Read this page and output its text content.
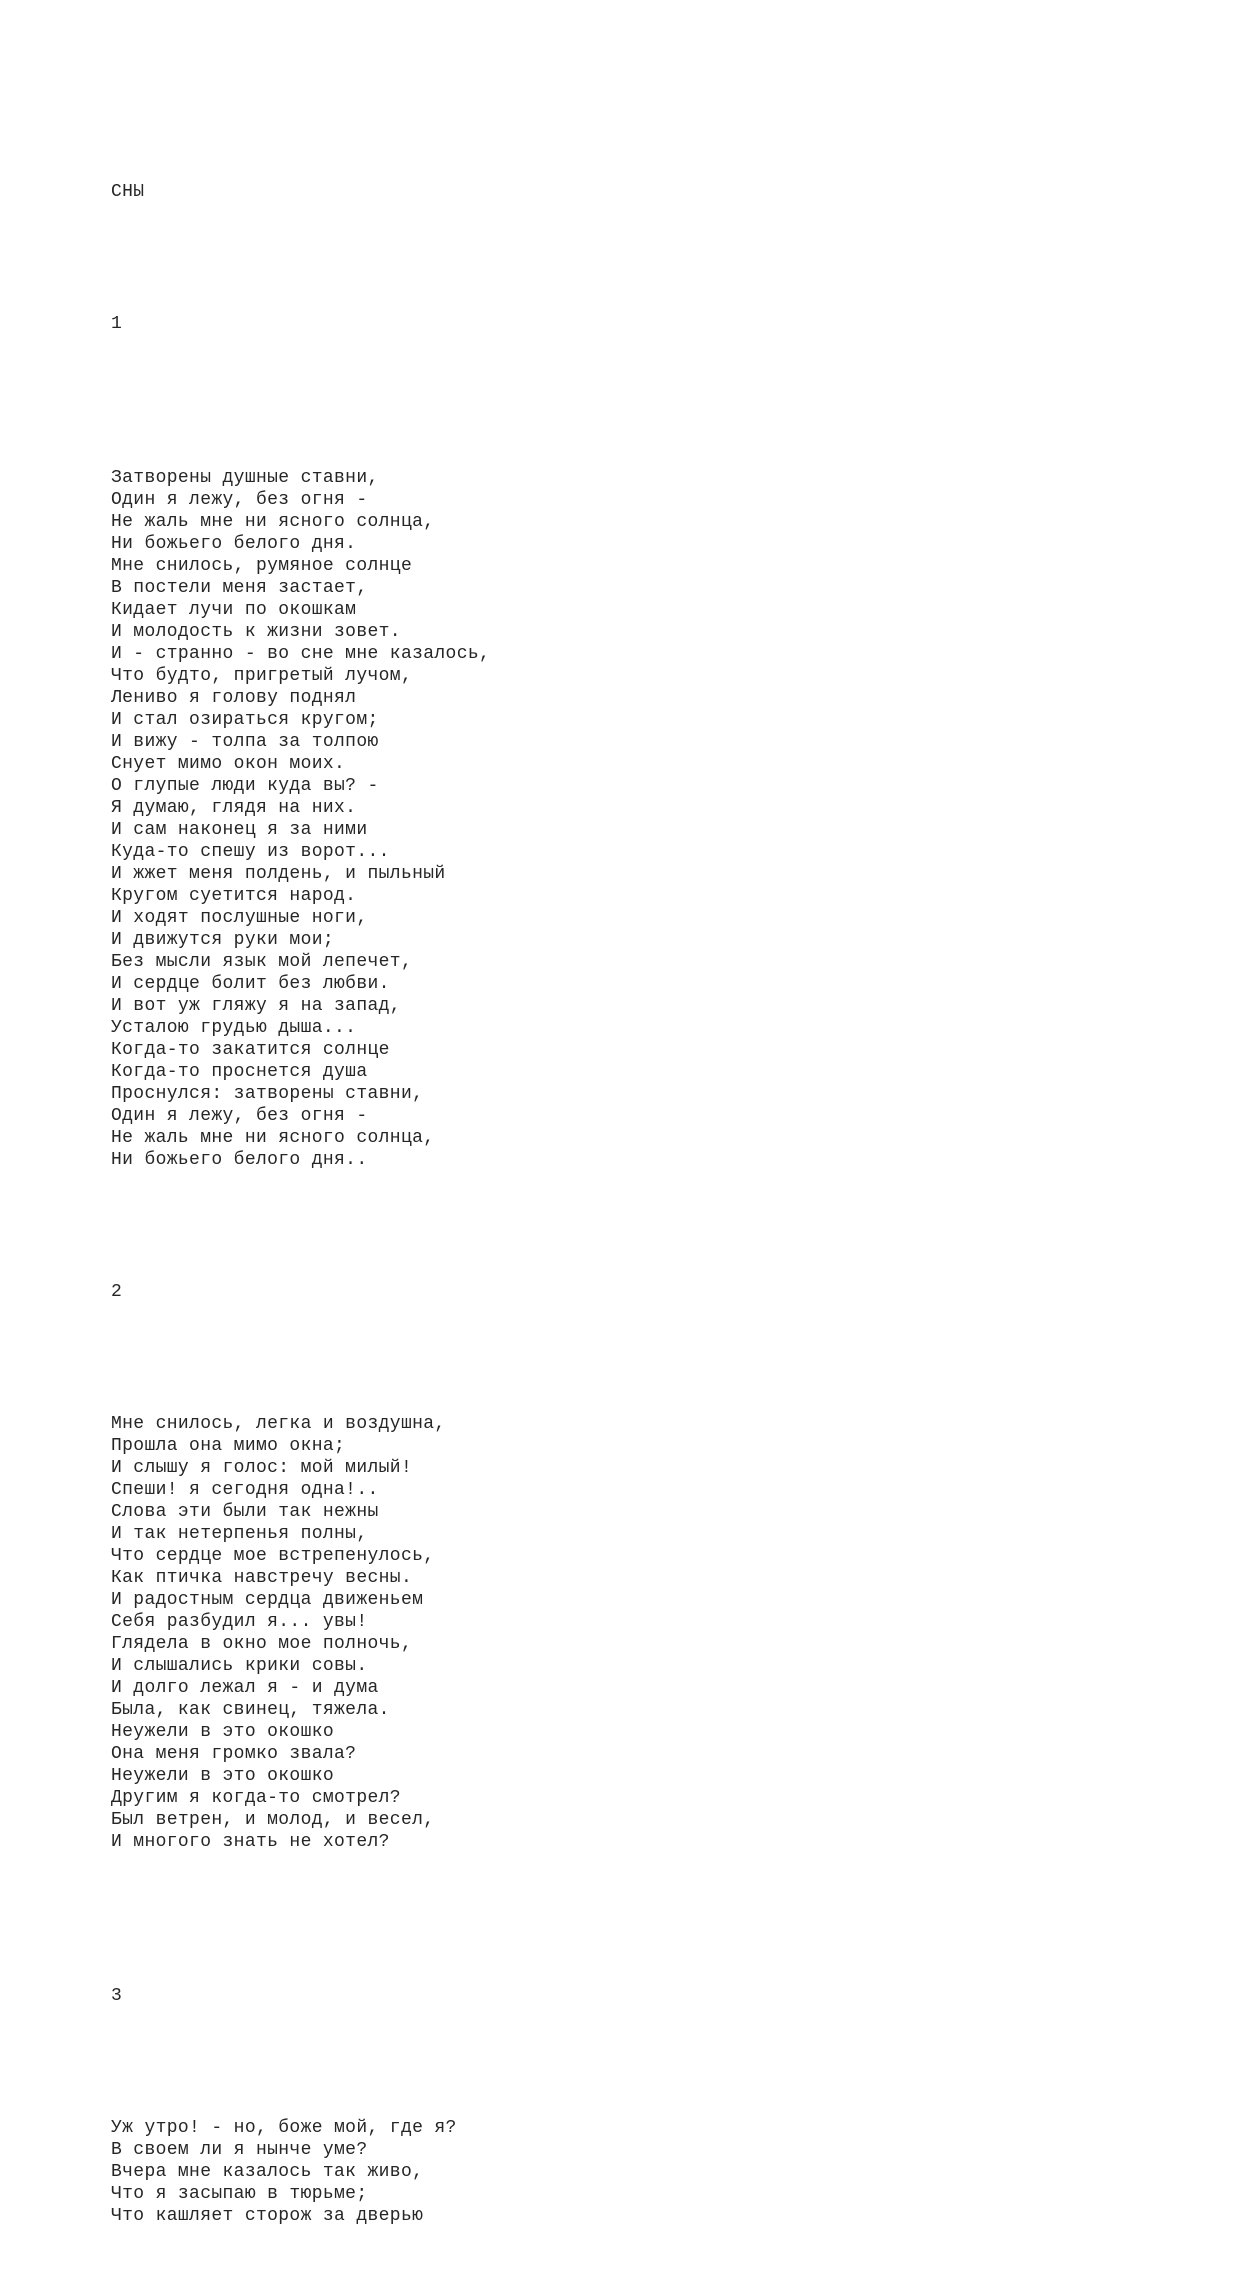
СНЫ

1

Затворены душные ставни,
Один я лежу, без огня -
Не жаль мне ни ясного солнца,
Ни божьего белого дня.
Мне снилось, румяное солнце
В постели меня застает,
Кидает лучи по окошкам
И молодость к жизни зовет.
И - странно - во сне мне казалось,
Что будто, пригретый лучом,
Лениво я голову поднял
И стал озираться кругом;
И вижу - толпа за толпою
Снует мимо окон моих.
О глупые люди куда вы? -
Я думаю, глядя на них.
И сам наконец я за ними
Куда-то спешу из ворот...
И жжет меня полдень, и пыльный
Кругом суетится народ.
И ходят послушные ноги,
И движутся руки мои;
Без мысли язык мой лепечет,
И сердце болит без любви.
И вот уж гляжу я на запад,
Усталою грудью дыша...
Когда-то закатится солнце
Когда-то проснется душа
Проснулся: затворены ставни,
Один я лежу, без огня -
Не жаль мне ни ясного солнца,
Ни божьего белого дня..

2

Мне снилось, легка и воздушна,
Прошла она мимо окна;
И слышу я голос: мой милый!
Спеши! я сегодня одна!..
Слова эти были так нежны
И так нетерпенья полны,
Что сердце мое встрепенулось,
Как птичка навстречу весны.
И радостным сердца движеньем
Себя разбудил я... увы!
Глядела в окно мое полночь,
И слышались крики совы.
И долго лежал я - и дума
Была, как свинец, тяжела.
Неужели в это окошко
Она меня громко звала?
Неужели в это окошко
Другим я когда-то смотрел?
Был ветрен, и молод, и весел,
И многого знать не хотел?

3

Уж утро! - но, боже мой, где я?
В своем ли я нынче уме?
Вчера мне казалось так живо,
Что я засыпаю в тюрьме;
Что кашляет сторож за дверью
